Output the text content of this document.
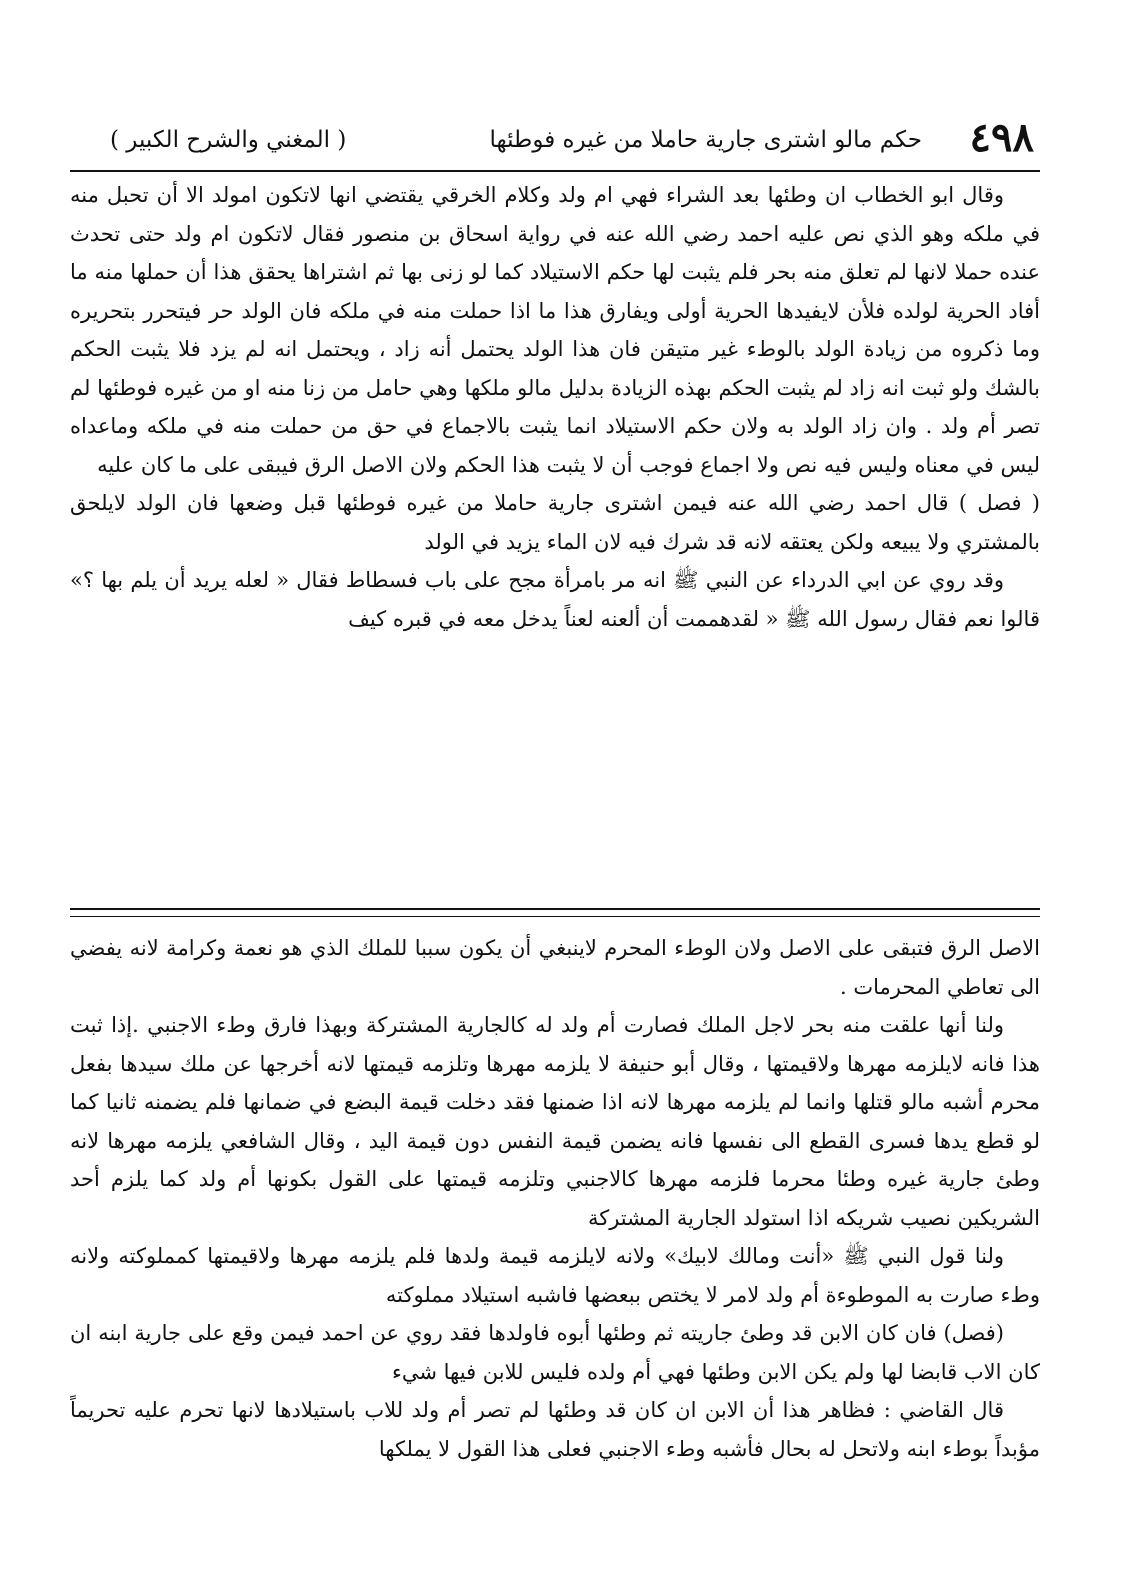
٤٩٨
حكم مالو اشترى جارية حاملا من غيره فوطئها
( المغني والشرح الكبير )

وقال ابو الخطاب ان وطئها بعد الشراء فهي ام ولد وكلام الخرقي يقتضي انها لاتكون امولد الا أن تحبل منه في ملكه وهو الذي نص عليه احمد رضي الله عنه في رواية اسحاق بن منصور فقال لاتكون ام ولد حتى تحدث عنده حملا لانها لم تعلق منه بحر فلم يثبت لها حكم الاستيلاد كما لو زنى بها ثم اشتراها يحقق هذا أن حملها منه ما أفاد الحرية لولده فلأن لايفيدها الحرية أولى ويفارق هذا ما اذا حملت منه في ملكه فان الولد حر فيتحرر بتحريره وما ذكروه من زيادة الولد بالوطء غير متيقن فان هذا الولد يحتمل أنه زاد ، ويحتمل انه لم يزد فلا يثبت الحكم بالشك ولو ثبت انه زاد لم يثبت الحكم بهذه الزيادة بدليل مالو ملكها وهي حامل من زنا منه او من غيره فوطئها لم تصر أم ولد . وان زاد الولد به ولان حكم الاستيلاد انما يثبت بالاجماع في حق من حملت منه في ملكه وماعداه ليس في معناه وليس فيه نص ولا اجماع فوجب أن لا يثبت هذا الحكم ولان الاصل الرق فيبقى على ما كان عليه

( فصل ) قال احمد رضي الله عنه فيمن اشترى جارية حاملا من غيره فوطئها قبل وضعها فان الولد لايلحق بالمشتري ولا يبيعه ولكن يعتقه لانه قد شرك فيه لان الماء يزيد في الولد

وقد روي عن ابي الدرداء عن النبي ﷺ انه مر بامرأة مجح على باب فسطاط فقال « لعله يريد أن يلم بها ؟» قالوا نعم فقال رسول الله ﷺ « لقدهممت أن ألعنه لعناً يدخل معه في قبره كيف

الاصل الرق فتبقى على الاصل ولان الوطء المحرم لاينبغي أن يكون سببا للملك الذي هو نعمة وكرامة لانه يفضي الى تعاطي المحرمات .

ولنا أنها علقت منه بحر لاجل الملك فصارت أم ولد له كالجارية المشتركة وبهذا فارق وطء الاجنبي .إذا ثبت هذا فانه لايلزمه مهرها ولاقيمتها ، وقال أبو حنيفة لا يلزمه مهرها وتلزمه قيمتها لانه أخرجها عن ملك سيدها بفعل محرم أشبه مالو قتلها وانما لم يلزمه مهرها لانه اذا ضمنها فقد دخلت قيمة البضع في ضمانها فلم يضمنه ثانيا كما لو قطع يدها فسرى القطع الى نفسها فانه يضمن قيمة النفس دون قيمة اليد ، وقال الشافعي يلزمه مهرها لانه وطئ جارية غيره وطئا محرما فلزمه مهرها كالاجنبي وتلزمه قيمتها على القول بكونها أم ولد كما يلزم أحد الشريكين نصيب شريكه اذا استولد الجارية المشتركة

ولنا قول النبي ﷺ «أنت ومالك لابيك» ولانه لايلزمه قيمة ولدها فلم يلزمه مهرها ولاقيمتها كمملوكته ولانه وطء صارت به الموطوءة أم ولد لامر لا يختص ببعضها فاشبه استيلاد مملوكته

(فصل) فان كان الابن قد وطئ جاريته ثم وطئها أبوه فاولدها فقد روي عن احمد فيمن وقع على جارية ابنه ان كان الاب قابضا لها ولم يكن الابن وطئها فهي أم ولده فليس للابن فيها شيء

قال القاضي : فظاهر هذا أن الابن ان كان قد وطئها لم تصر أم ولد للاب باستيلادها لانها تحرم عليه تحريماً مؤبداً بوطء ابنه ولاتحل له بحال فأشبه وطء الاجنبي فعلى هذا القول لا يملكها
